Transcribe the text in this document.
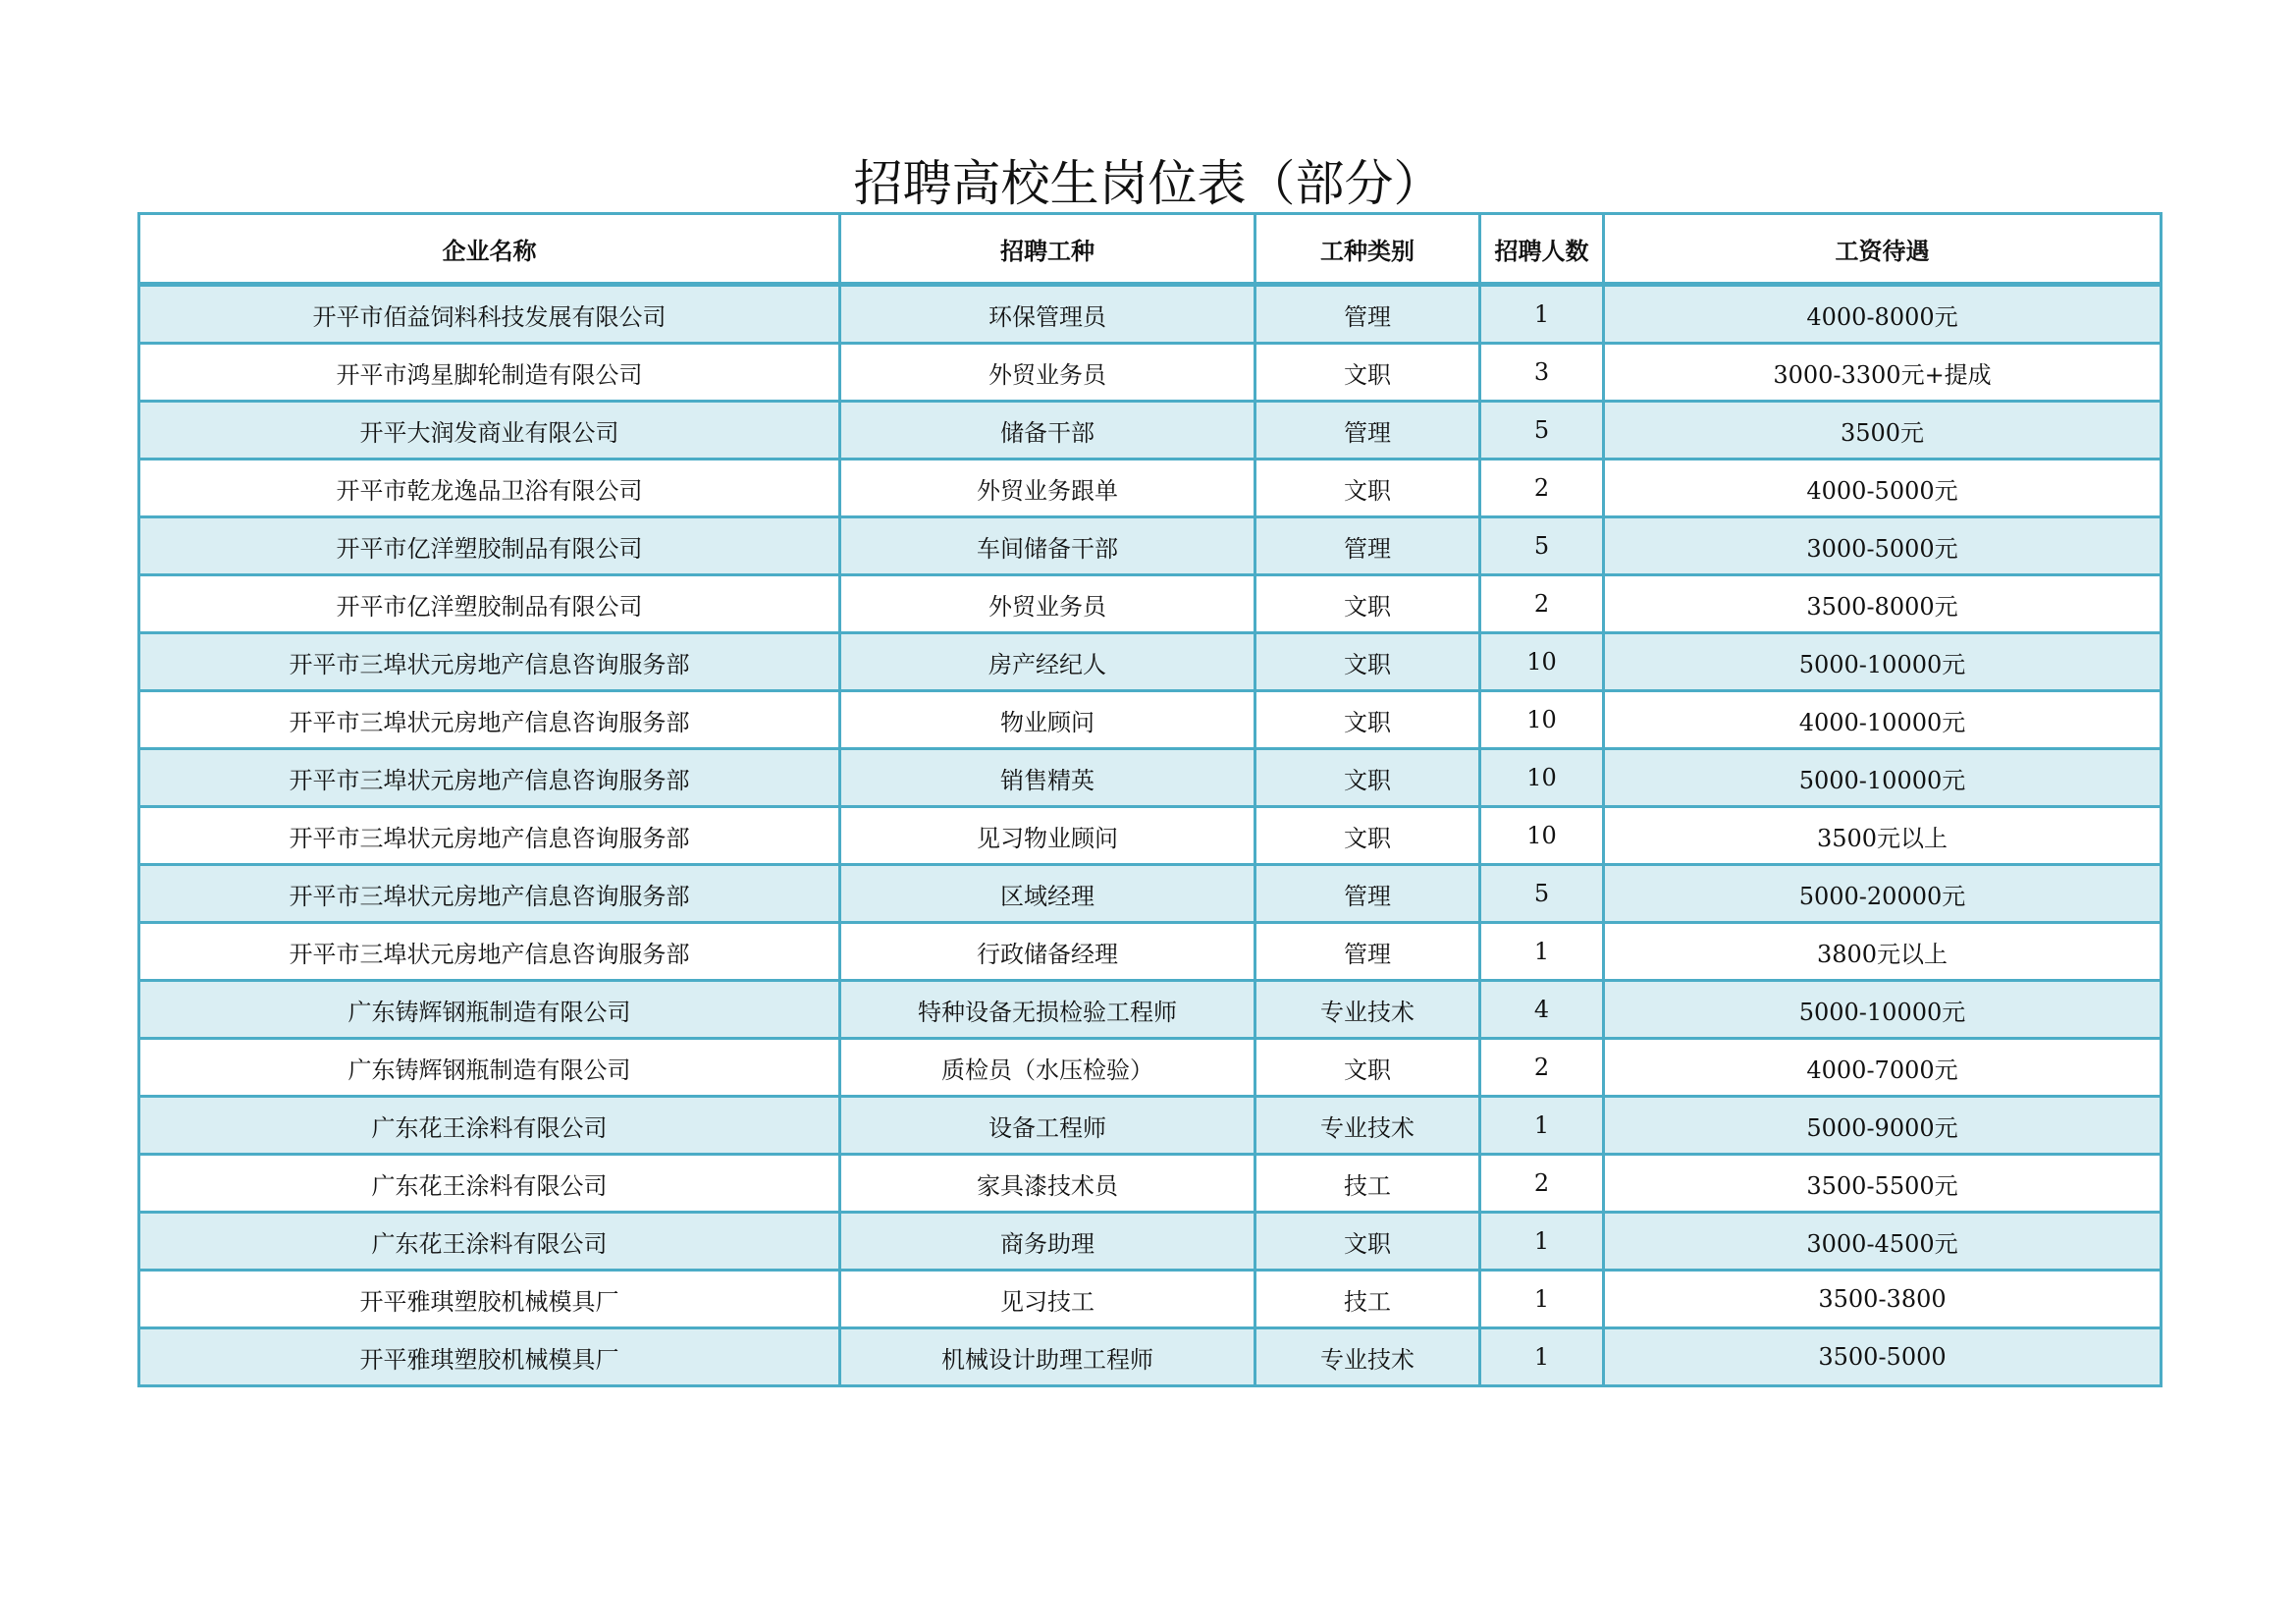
招聘高校生岗位表（部分）
企业名称	招聘工种	工种类别	招聘人数	工资待遇
开平市佰益饲料科技发展有限公司	环保管理员	管理	1	4000-8000元
开平市鸿星脚轮制造有限公司	外贸业务员	文职	3	3000-3300元+提成
开平大润发商业有限公司	储备干部	管理	5	3500元
开平市乾龙逸品卫浴有限公司	外贸业务跟单	文职	2	4000-5000元
开平市亿洋塑胶制品有限公司	车间储备干部	管理	5	3000-5000元
开平市亿洋塑胶制品有限公司	外贸业务员	文职	2	3500-8000元
开平市三埠状元房地产信息咨询服务部	房产经纪人	文职	10	5000-10000元
开平市三埠状元房地产信息咨询服务部	物业顾问	文职	10	4000-10000元
开平市三埠状元房地产信息咨询服务部	销售精英	文职	10	5000-10000元
开平市三埠状元房地产信息咨询服务部	见习物业顾问	文职	10	3500元以上
开平市三埠状元房地产信息咨询服务部	区域经理	管理	5	5000-20000元
开平市三埠状元房地产信息咨询服务部	行政储备经理	管理	1	3800元以上
广东铸辉钢瓶制造有限公司	特种设备无损检验工程师	专业技术	4	5000-10000元
广东铸辉钢瓶制造有限公司	质检员（水压检验）	文职	2	4000-7000元
广东花王涂料有限公司	设备工程师	专业技术	1	5000-9000元
广东花王涂料有限公司	家具漆技术员	技工	2	3500-5500元
广东花王涂料有限公司	商务助理	文职	1	3000-4500元
开平雅琪塑胶机械模具厂	见习技工	技工	1	3500-3800
开平雅琪塑胶机械模具厂	机械设计助理工程师	专业技术	1	3500-5000
